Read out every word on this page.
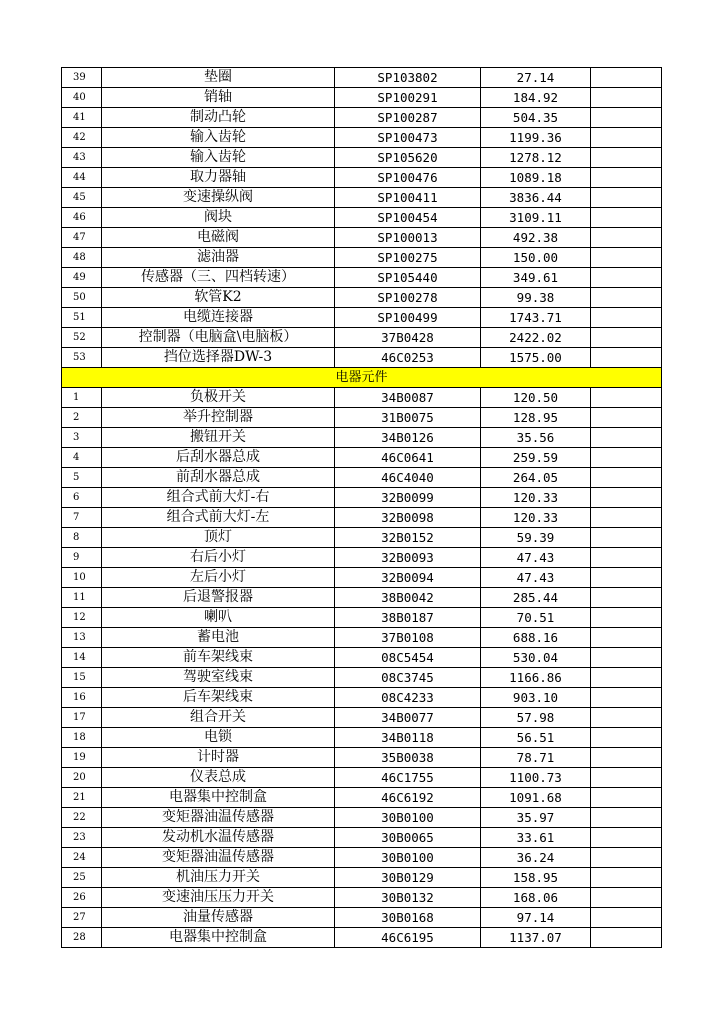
39	垫圈	SP103802	27.14	
40	销轴	SP100291	184.92	
41	制动凸轮	SP100287	504.35	
42	输入齿轮	SP100473	1199.36	
43	输入齿轮	SP105620	1278.12	
44	取力器轴	SP100476	1089.18	
45	变速操纵阀	SP100411	3836.44	
46	阀块	SP100454	3109.11	
47	电磁阀	SP100013	492.38	
48	滤油器	SP100275	150.00	
49	传感器（三、四档转速）	SP105440	349.61	
50	软管K2	SP100278	99.38	
51	电缆连接器	SP100499	1743.71	
52	控制器（电脑盒\电脑板）	37B0428	2422.02	
53	挡位选择器DW-3	46C0253	1575.00	
电器元件				
1	负极开关	34B0087	120.50	
2	举升控制器	31B0075	128.95	
3	搬钮开关	34B0126	35.56	
4	后刮水器总成	46C0641	259.59	
5	前刮水器总成	46C4040	264.05	
6	组合式前大灯-右	32B0099	120.33	
7	组合式前大灯-左	32B0098	120.33	
8	顶灯	32B0152	59.39	
9	右后小灯	32B0093	47.43	
10	左后小灯	32B0094	47.43	
11	后退警报器	38B0042	285.44	
12	喇叭	38B0187	70.51	
13	蓄电池	37B0108	688.16	
14	前车架线束	08C5454	530.04	
15	驾驶室线束	08C3745	1166.86	
16	后车架线束	08C4233	903.10	
17	组合开关	34B0077	57.98	
18	电锁	34B0118	56.51	
19	计时器	35B0038	78.71	
20	仪表总成	46C1755	1100.73	
21	电器集中控制盒	46C6192	1091.68	
22	变矩器油温传感器	30B0100	35.97	
23	发动机水温传感器	30B0065	33.61	
24	变矩器油温传感器	30B0100	36.24	
25	机油压力开关	30B0129	158.95	
26	变速油压压力开关	30B0132	168.06	
27	油量传感器	30B0168	97.14	
28	电器集中控制盒	46C6195	1137.07	
